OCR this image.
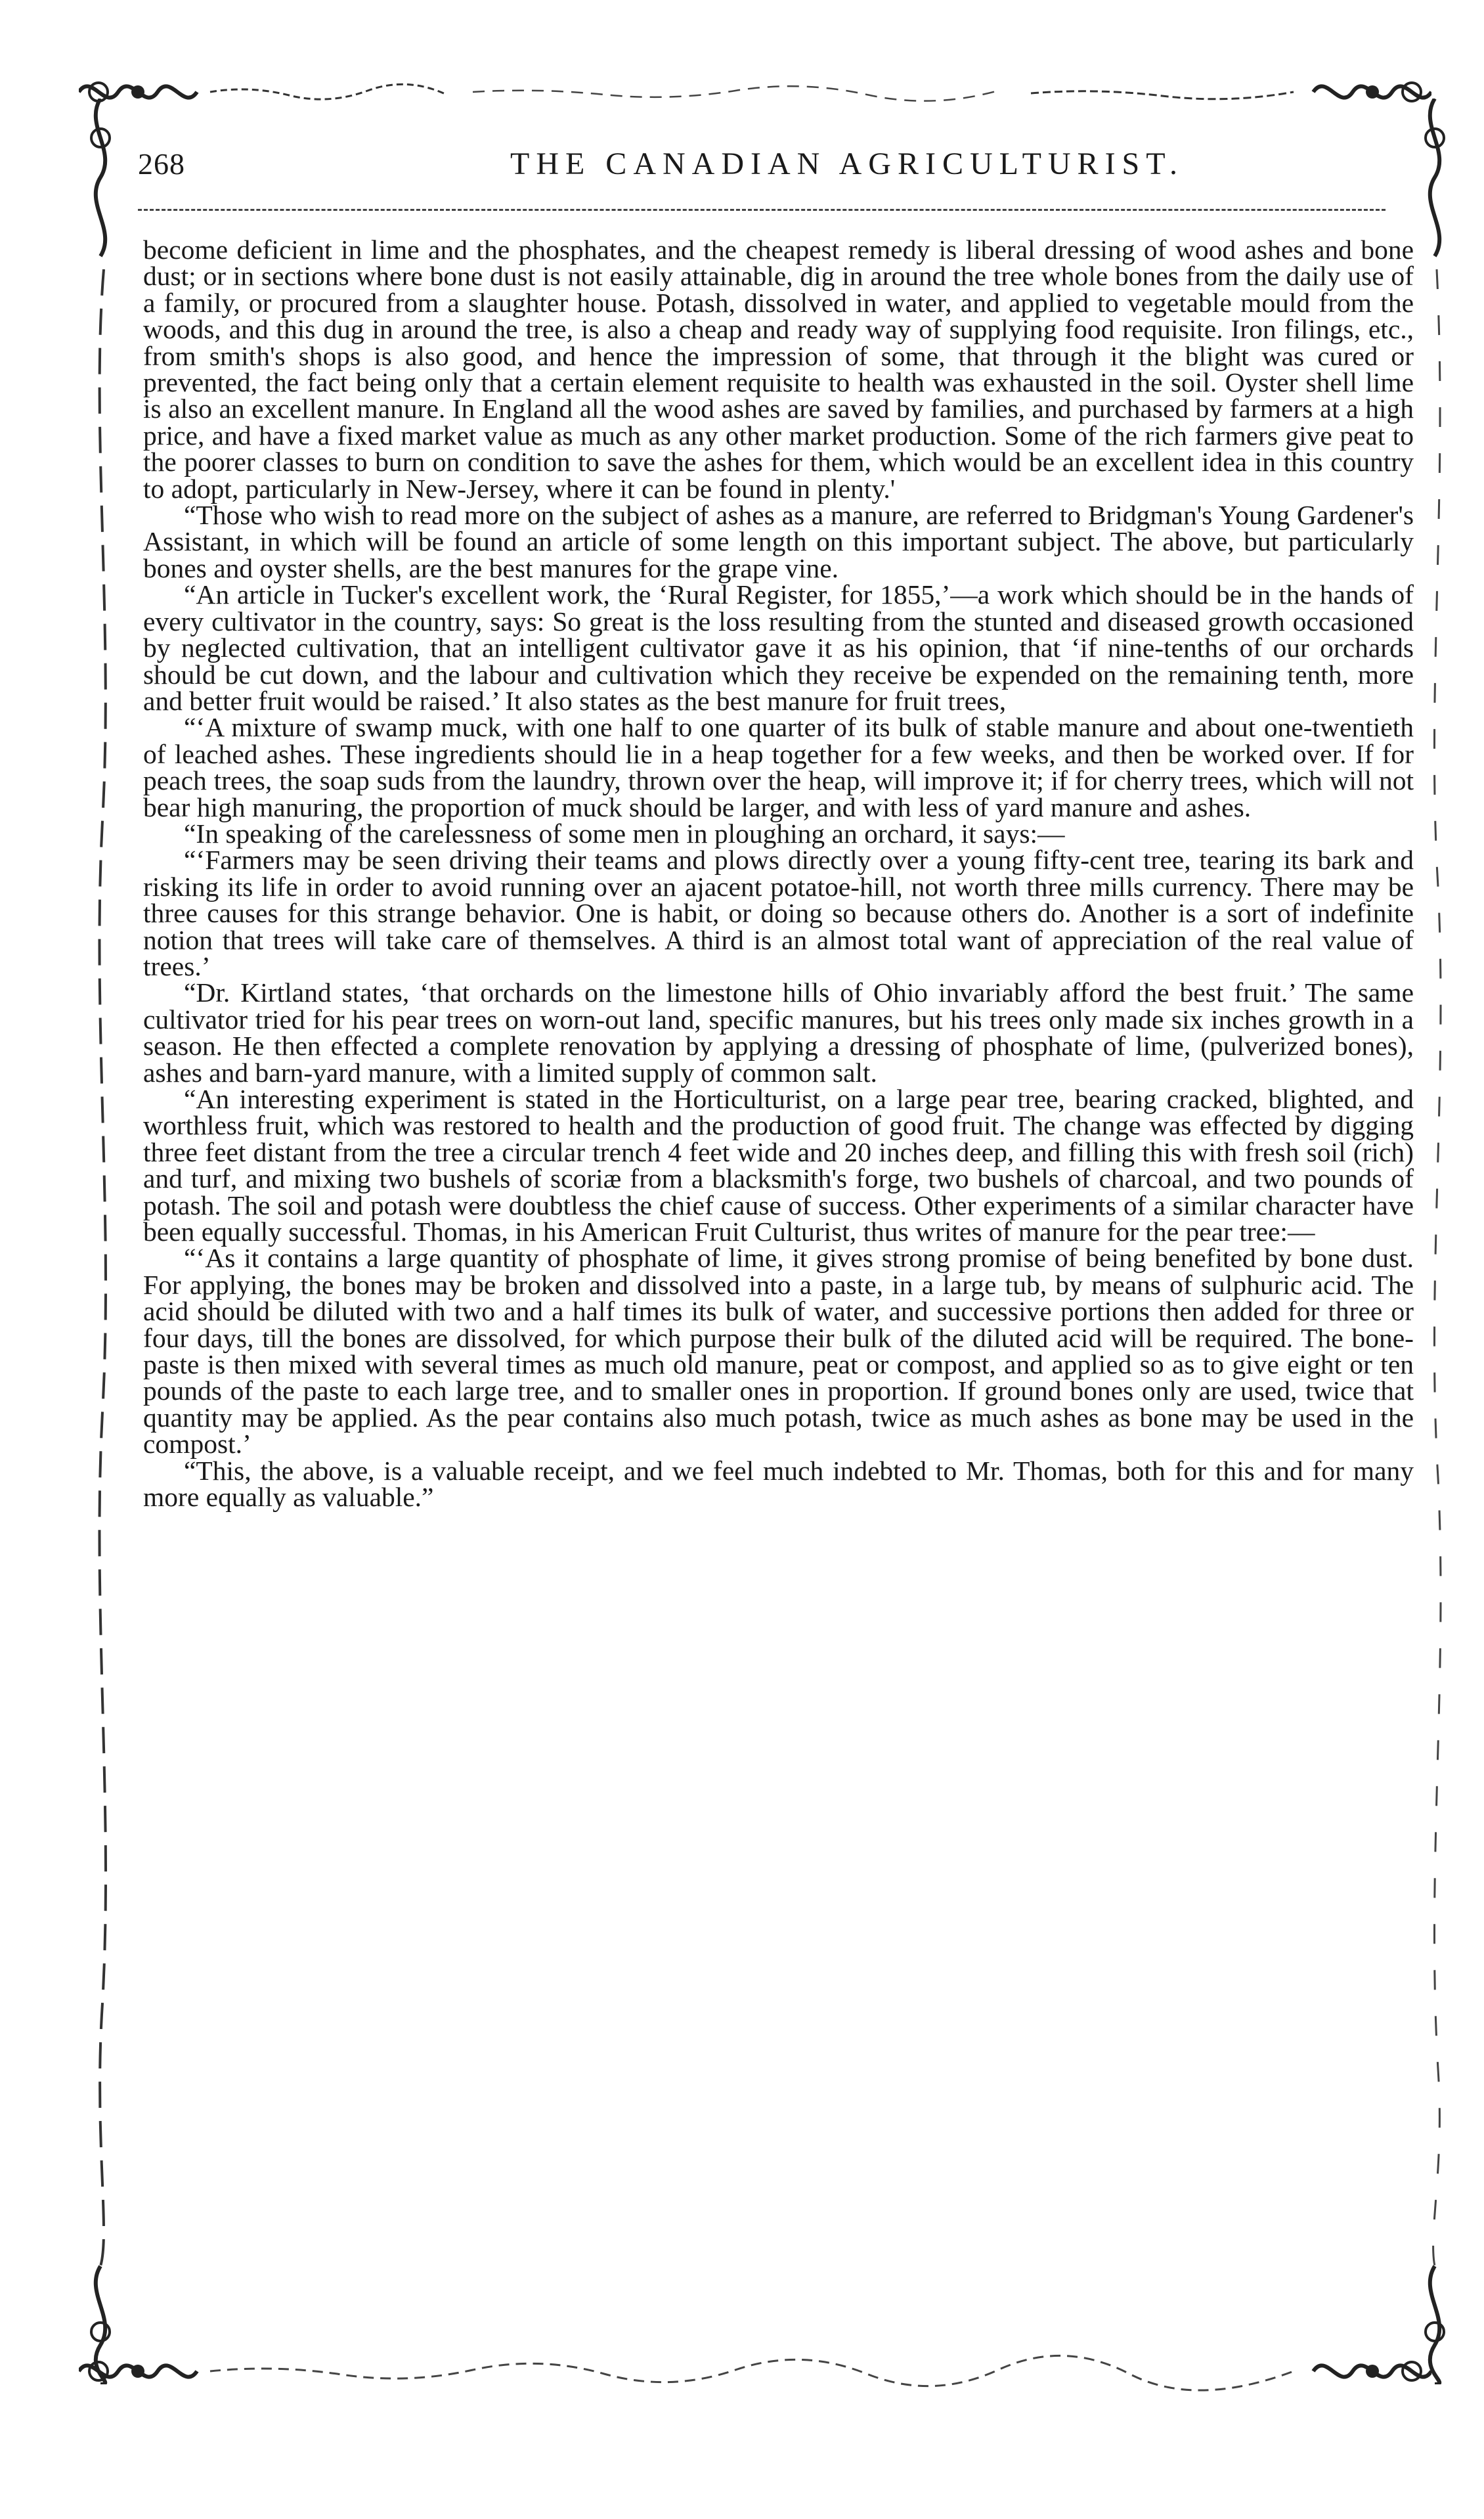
268	THE CANADIAN AGRICULTURIST.

become deficient in lime and the phosphates, and the cheapest remedy is liberal dressing of wood ashes and bone dust; or in sections where bone dust is not easily attainable, dig in around the tree whole bones from the daily use of a family, or procured from a slaughter house. Potash, dissolved in water, and applied to vegetable mould from the woods, and this dug in around the tree, is also a cheap and ready way of supplying food requisite. Iron filings, etc., from smith's shops is also good, and hence the impression of some, that through it the blight was cured or prevented, the fact being only that a certain element requisite to health was exhausted in the soil. Oyster shell lime is also an excellent manure. In England all the wood ashes are saved by families, and purchased by farmers at a high price, and have a fixed market value as much as any other market production. Some of the rich farmers give peat to the poorer classes to burn on condition to save the ashes for them, which would be an excellent idea in this country to adopt, particularly in New-Jersey, where it can be found in plenty.'

“Those who wish to read more on the subject of ashes as a manure, are referred to Bridgman's Young Gardener's Assistant, in which will be found an article of some length on this important subject. The above, but particularly bones and oyster shells, are the best manures for the grape vine.

“An article in Tucker's excellent work, the ‘Rural Register, for 1855,’—a work which should be in the hands of every cultivator in the country, says: So great is the loss resulting from the stunted and diseased growth occasioned by neglected cultivation, that an intelligent cultivator gave it as his opinion, that ‘if nine-tenths of our orchards should be cut down, and the labour and cultivation which they receive be expended on the remaining tenth, more and better fruit would be raised.’ It also states as the best manure for fruit trees,

“‘A mixture of swamp muck, with one half to one quarter of its bulk of stable manure and about one-twentieth of leached ashes. These ingredients should lie in a heap together for a few weeks, and then be worked over. If for peach trees, the soap suds from the laundry, thrown over the heap, will improve it; if for cherry trees, which will not bear high manuring, the proportion of muck should be larger, and with less of yard manure and ashes.

“In speaking of the carelessness of some men in ploughing an orchard, it says:—

“‘Farmers may be seen driving their teams and plows directly over a young fifty-cent tree, tearing its bark and risking its life in order to avoid running over an ajacent potatoe-hill, not worth three mills currency. There may be three causes for this strange behavior. One is habit, or doing so because others do. Another is a sort of indefinite notion that trees will take care of themselves. A third is an almost total want of appreciation of the real value of trees.’

“Dr. Kirtland states, ‘that orchards on the limestone hills of Ohio invariably afford the best fruit.’ The same cultivator tried for his pear trees on worn-out land, specific manures, but his trees only made six inches growth in a season. He then effected a complete renovation by applying a dressing of phosphate of lime, (pulverized bones), ashes and barn-yard manure, with a limited supply of common salt.

“An interesting experiment is stated in the Horticulturist, on a large pear tree, bearing cracked, blighted, and worthless fruit, which was restored to health and the production of good fruit. The change was effected by digging three feet distant from the tree a circular trench 4 feet wide and 20 inches deep, and filling this with fresh soil (rich) and turf, and mixing two bushels of scoriæ from a blacksmith's forge, two bushels of charcoal, and two pounds of potash. The soil and potash were doubtless the chief cause of success. Other experiments of a similar character have been equally successful. Thomas, in his American Fruit Culturist, thus writes of manure for the pear tree:—

“‘As it contains a large quantity of phosphate of lime, it gives strong promise of being benefited by bone dust. For applying, the bones may be broken and dissolved into a paste, in a large tub, by means of sulphuric acid. The acid should be diluted with two and a half times its bulk of water, and successive portions then added for three or four days, till the bones are dissolved, for which purpose their bulk of the diluted acid will be required. The bone-paste is then mixed with several times as much old manure, peat or compost, and applied so as to give eight or ten pounds of the paste to each large tree, and to smaller ones in proportion. If ground bones only are used, twice that quantity may be applied. As the pear contains also much potash, twice as much ashes as bone may be used in the compost.’

“This, the above, is a valuable receipt, and we feel much indebted to Mr. Thomas, both for this and for many more equally as valuable.”
